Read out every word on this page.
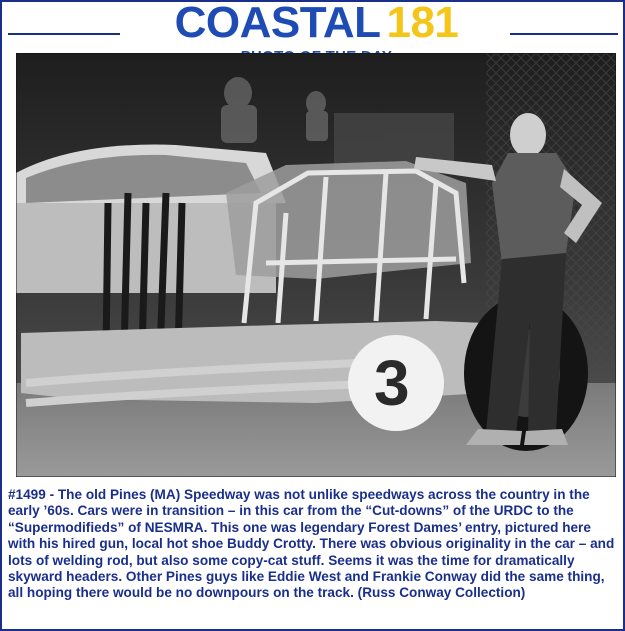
COASTAL 181
3

#1499 - The old Pines (MA) Speedway was not unlike speedways across the country in the early ’60s. Cars were in transition – in this car from the “Cut-downs” of the URDC to the “Supermodifieds” of NESMRA. This one was legendary Forest Dames’ entry, pictured here with his hired gun, local hot shoe Buddy Crotty. There was obvious originality in the car – and lots of welding rod, but also some copy-cat stuff. Seems it was the time for dramatically skyward headers. Other Pines guys like Eddie West and Frankie Conway did the same thing, all hoping there would be no downpours on the track. (Russ Conway Collection)
